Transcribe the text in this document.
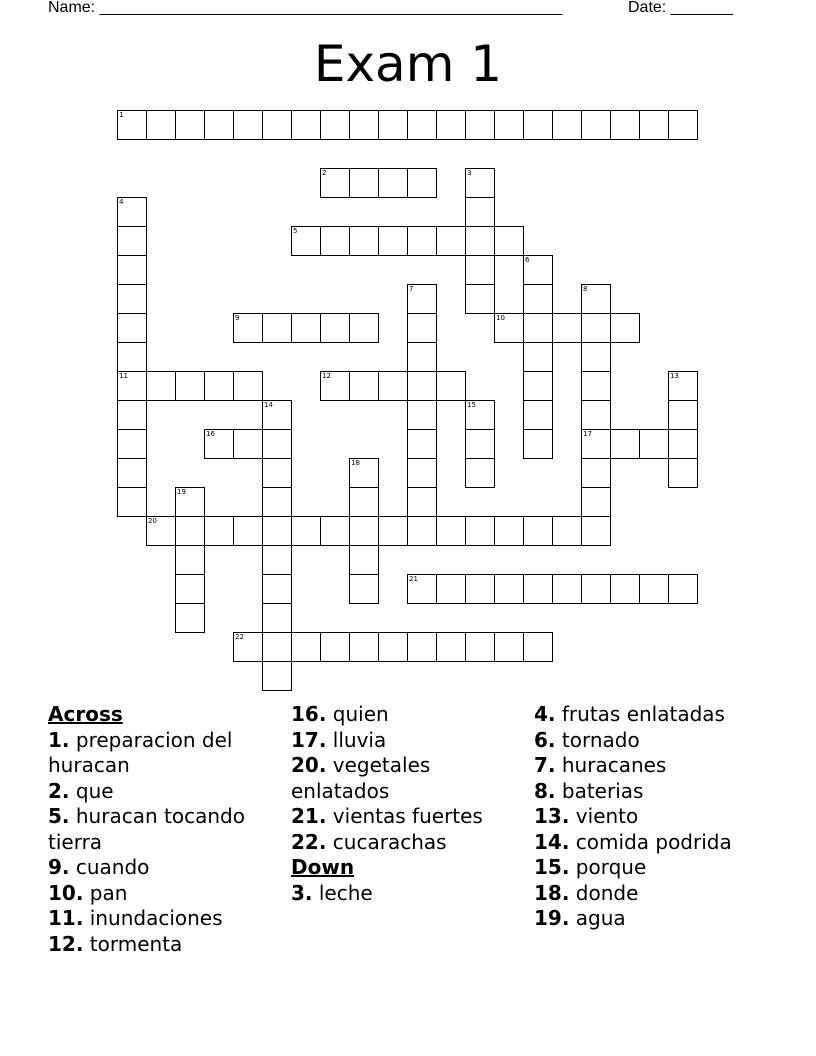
Name: ____________________________________________________	Date: _______
Exam 1
1
2	3
4
11
5
6
7	8
17
9	10
12	13
14	15
16
18
19
20
21
22
Across
1. preparacion del huracan
2. que
5. huracan tocando tierra
9. cuando
10. pan
11. inundaciones
12. tormenta
16. quien
17. lluvia
20. vegetales enlatados
21. vientas fuertes
22. cucarachas
Down
3. leche
4. frutas enlatadas
6. tornado
7. huracanes
8. baterias
13. viento
14. comida podrida
15. porque
18. donde
19. agua
